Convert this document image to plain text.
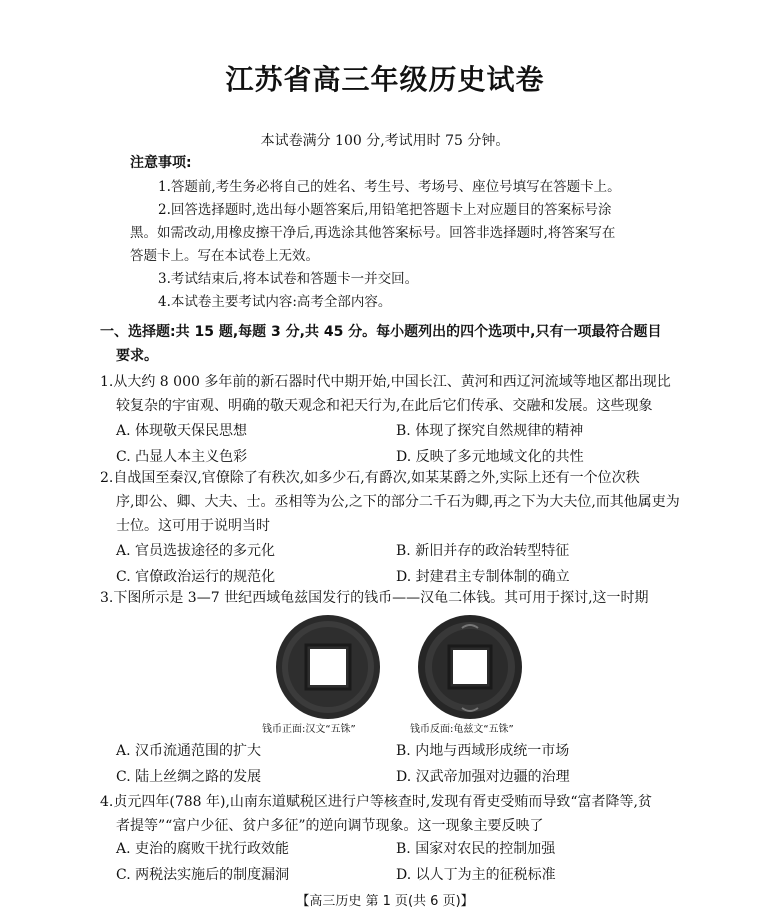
江苏省高三年级历史试卷
本试卷满分 100 分,考试用时 75 分钟。
注意事项:
1.答题前,考生务必将自己的姓名、考生号、考场号、座位号填写在答题卡上。
2.回答选择题时,选出每小题答案后,用铅笔把答题卡上对应题目的答案标号涂
黑。如需改动,用橡皮擦干净后,再选涂其他答案标号。回答非选择题时,将答案写在
答题卡上。写在本试卷上无效。
3.考试结束后,将本试卷和答题卡一并交回。
4.本试卷主要考试内容:高考全部内容。
一、选择题:共 15 题,每题 3 分,共 45 分。每小题列出的四个选项中,只有一项最符合题目
要求。
1.从大约 8 000 多年前的新石器时代中期开始,中国长江、黄河和西辽河流域等地区都出现比
较复杂的宇宙观、明确的敬天观念和祀天行为,在此后它们传承、交融和发展。这些现象
A. 体现敬天保民思想	B. 体现了探究自然规律的精神
C. 凸显人本主义色彩	D. 反映了多元地域文化的共性
2.自战国至秦汉,官僚除了有秩次,如多少石,有爵次,如某某爵之外,实际上还有一个位次秩
序,即公、卿、大夫、士。丞相等为公,之下的部分二千石为卿,再之下为大夫位,而其他属吏为
士位。这可用于说明当时
A. 官员选拔途径的多元化	B. 新旧并存的政治转型特征
C. 官僚政治运行的规范化	D. 封建君主专制体制的确立
3.下图所示是 3—7 世纪西域龟兹国发行的钱币——汉龟二体钱。其可用于探讨,这一时期
钱币正面:汉文“五铢”	钱币反面:龟兹文“五铢”
A. 汉币流通范围的扩大	B. 内地与西域形成统一市场
C. 陆上丝绸之路的发展	D. 汉武帝加强对边疆的治理
4.贞元四年(788 年),山南东道赋税区进行户等核查时,发现有胥吏受贿而导致“富者降等,贫
者提等”“富户少征、贫户多征”的逆向调节现象。这一现象主要反映了
A. 吏治的腐败干扰行政效能	B. 国家对农民的控制加强
C. 两税法实施后的制度漏洞	D. 以人丁为主的征税标准
【高三历史 第 1 页(共 6 页)】
